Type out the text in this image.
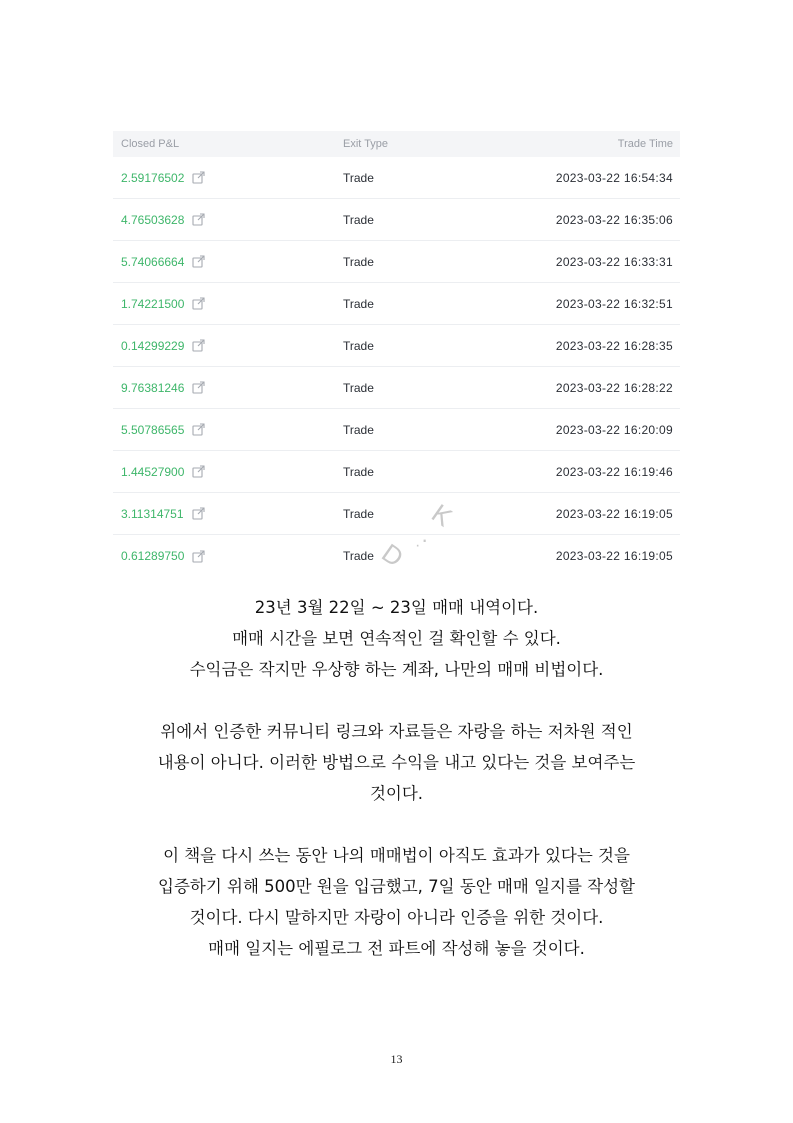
Closed P&L	Exit Type	Trade Time
2.59176502	Trade	2023-03-22 16:54:34
4.76503628	Trade	2023-03-22 16:35:06
5.74066664	Trade	2023-03-22 16:33:31
1.74221500	Trade	2023-03-22 16:32:51
0.14299229	Trade	2023-03-22 16:28:35
9.76381246	Trade	2023-03-22 16:28:22
5.50786565	Trade	2023-03-22 16:20:09
1.44527900	Trade	2023-03-22 16:19:46
3.11314751	Trade	2023-03-22 16:19:05
0.61289750	Trade	2023-03-22 16:19:05
K
·
D ·

23년 3월 22일 ~ 23일 매매 내역이다.

매매 시간을 보면 연속적인 걸 확인할 수 있다.

수익금은 작지만 우상향 하는 계좌, 나만의 매매 비법이다.

위에서 인증한 커뮤니티 링크와 자료들은 자랑을 하는 저차원 적인

내용이 아니다. 이러한 방법으로 수익을 내고 있다는 것을 보여주는

것이다.

이 책을 다시 쓰는 동안 나의 매매법이 아직도 효과가 있다는 것을

입증하기 위해 500만 원을 입금했고, 7일 동안 매매 일지를 작성할

것이다. 다시 말하지만 자랑이 아니라 인증을 위한 것이다.

매매 일지는 에필로그 전 파트에 작성해 놓을 것이다.

13
